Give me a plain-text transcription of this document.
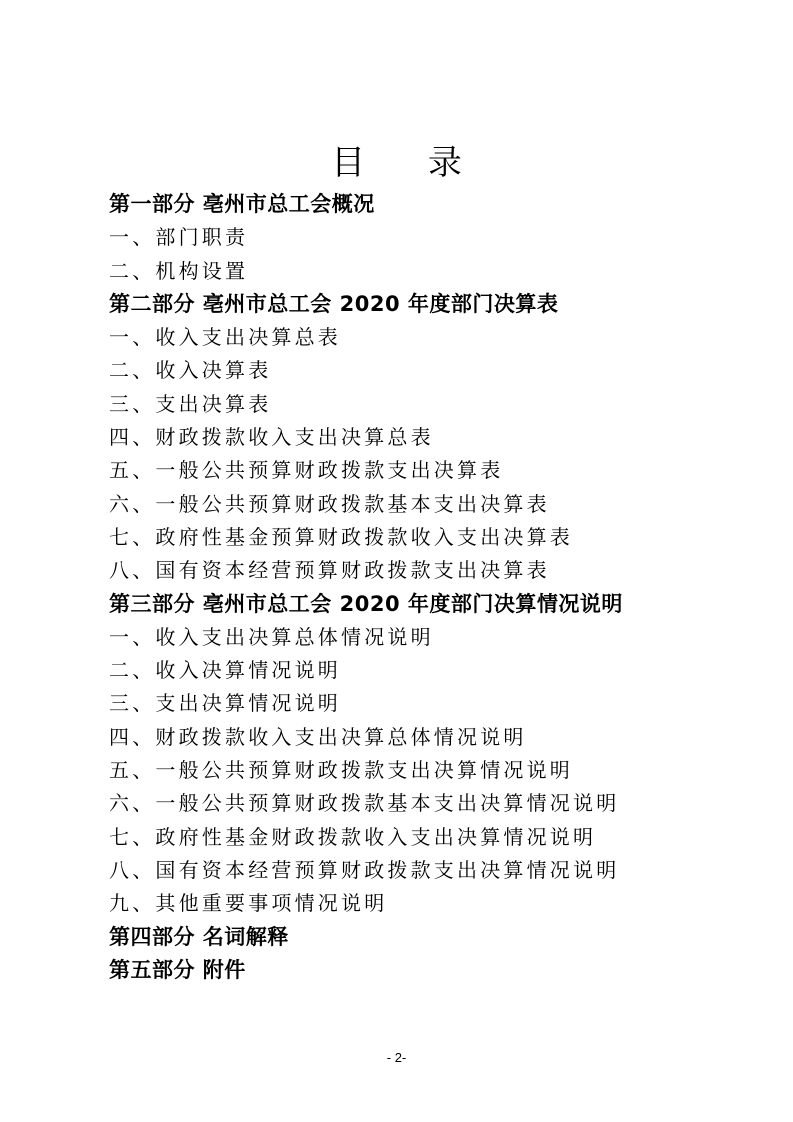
目 录
第一部分 亳州市总工会概况
一、部门职责
二、机构设置
第二部分 亳州市总工会 2020 年度部门决算表
一、收入支出决算总表
二、收入决算表
三、支出决算表
四、财政拨款收入支出决算总表
五、一般公共预算财政拨款支出决算表
六、一般公共预算财政拨款基本支出决算表
七、政府性基金预算财政拨款收入支出决算表
八、国有资本经营预算财政拨款支出决算表
第三部分 亳州市总工会 2020 年度部门决算情况说明
一、收入支出决算总体情况说明
二、收入决算情况说明
三、支出决算情况说明
四、财政拨款收入支出决算总体情况说明
五、一般公共预算财政拨款支出决算情况说明
六、一般公共预算财政拨款基本支出决算情况说明
七、政府性基金财政拨款收入支出决算情况说明
八、国有资本经营预算财政拨款支出决算情况说明
九、其他重要事项情况说明
第四部分 名词解释
第五部分 附件
- 2-
